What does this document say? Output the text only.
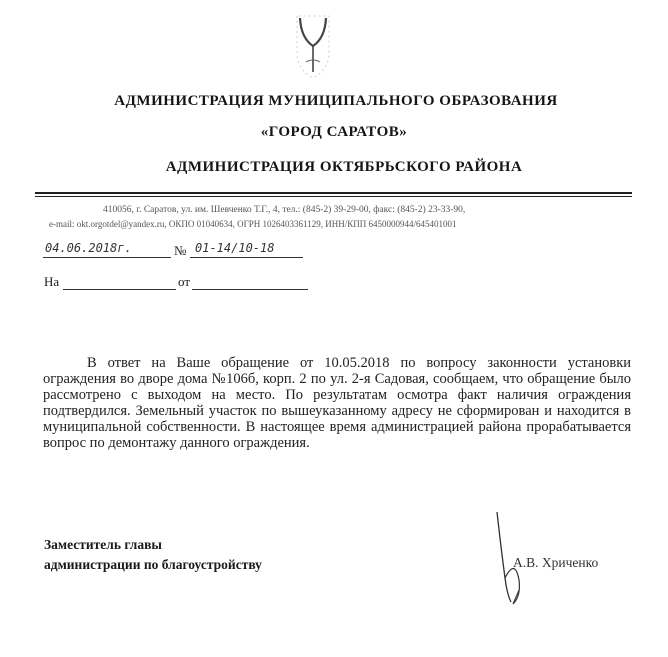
АДМИНИСТРАЦИЯ МУНИЦИПАЛЬНОГО ОБРАЗОВАНИЯ
«ГОРОД САРАТОВ»
АДМИНИСТРАЦИЯ ОКТЯБРЬСКОГО РАЙОНА
410056, г. Саратов, ул. им. Шевченко Т.Г., 4, тел.: (845-2) 39-29-00, факс: (845-2) 23-33-90,
e-mail: okt.orgotdel@yandex.ru, ОКПО 01040634, ОГРН 1026403361129, ИНН/КПП 6450000944/645401001
04.06.2018г.	№ 01-14/10-18
На	от
В ответ на Ваше обращение от 10.05.2018 по вопросу законности установки ограждения во дворе дома №106б, корп. 2 по ул. 2-я Садовая, сообщаем, что обращение было рассмотрено с выходом на место. По результатам осмотра факт наличия ограждения подтвердился. Земельный участок по вышеуказанному адресу не сформирован и находится в муниципальной собственности. В настоящее время администрацией района прорабатывается вопрос по демонтажу данного ограждения.
Заместитель главы
администрации по благоустройству	А.В. Хриченко
